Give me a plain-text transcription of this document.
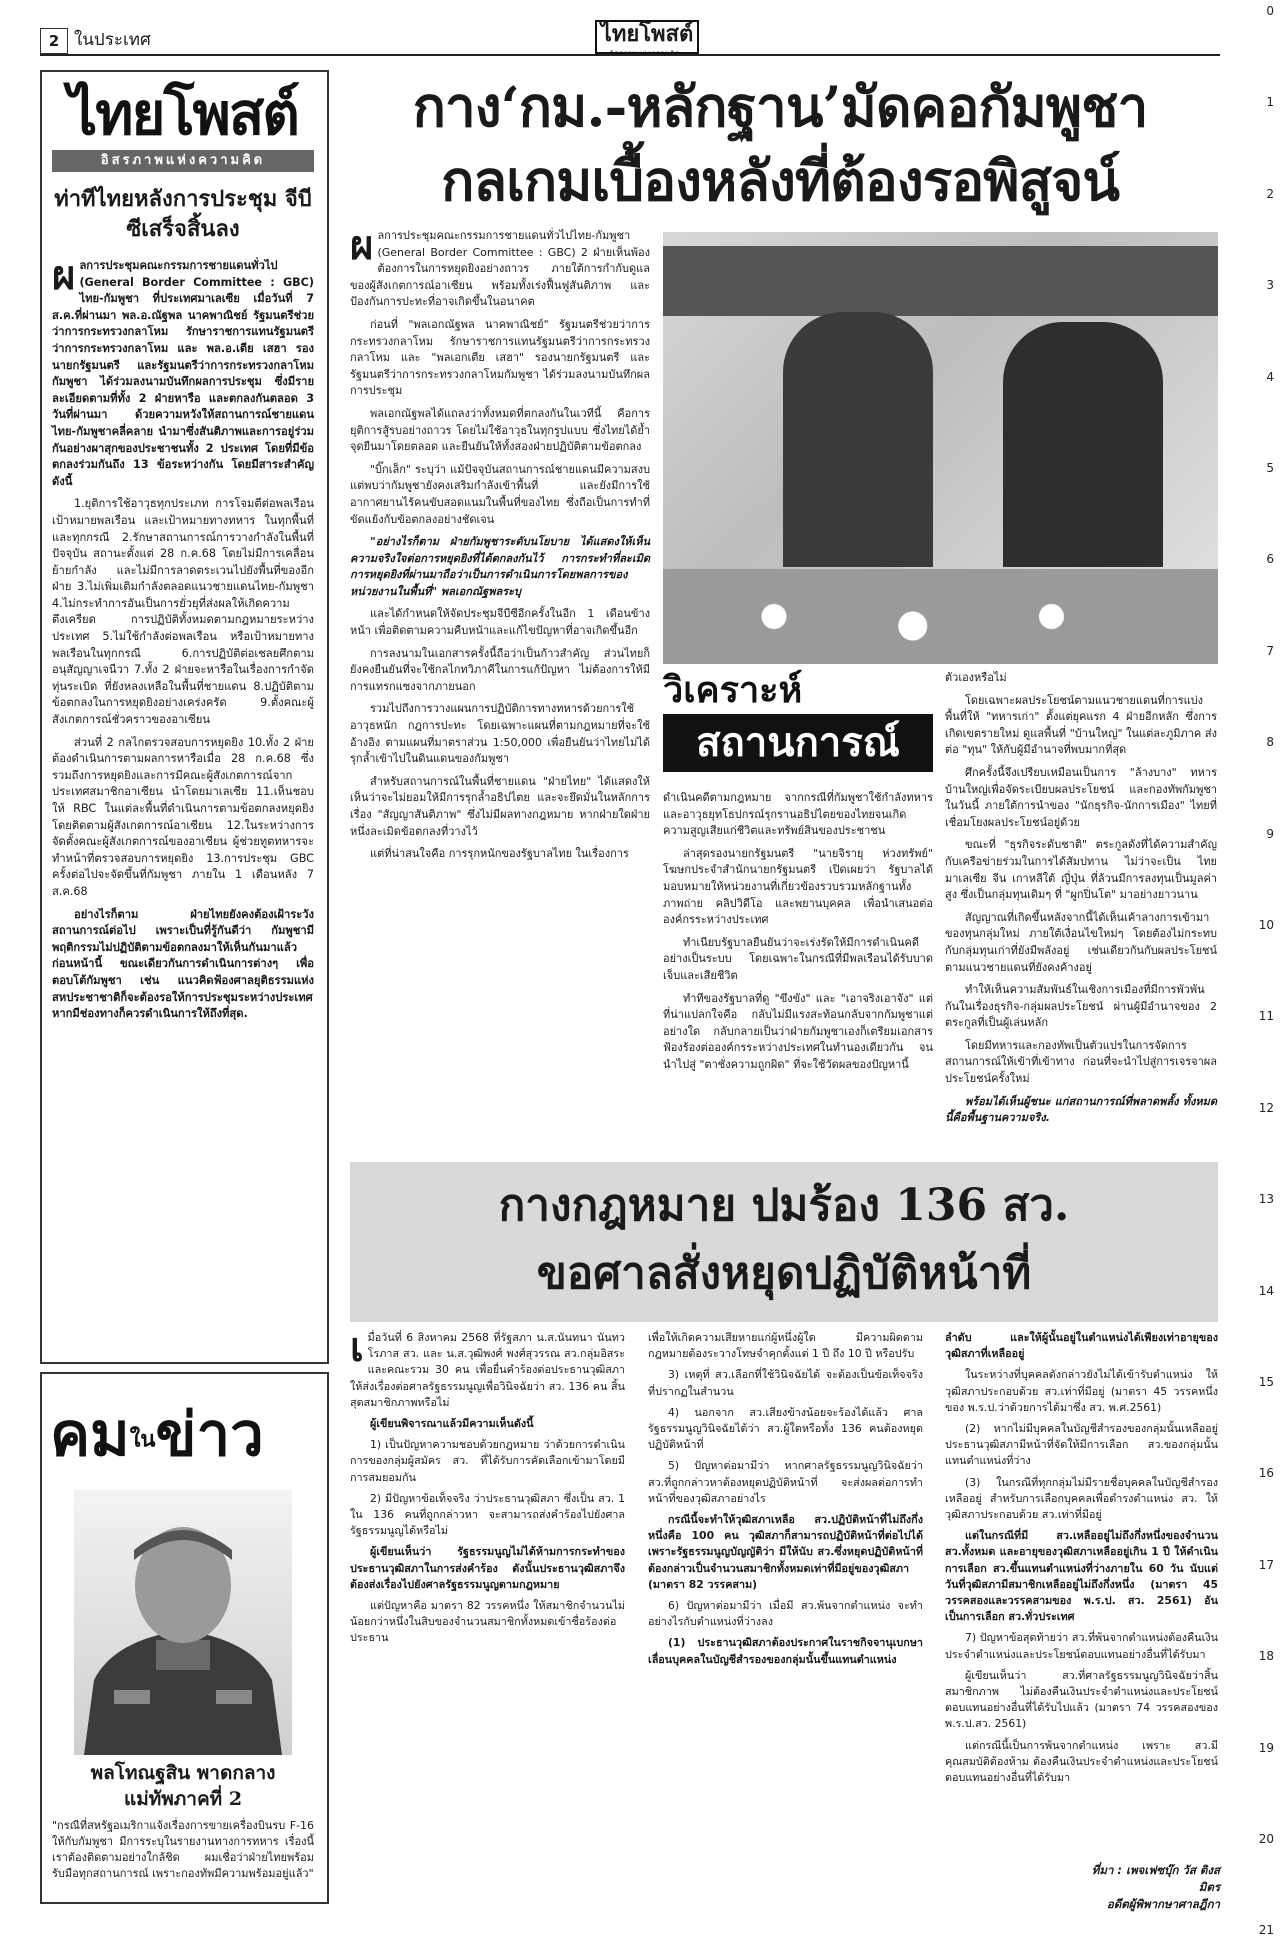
2 ในประเทศ	ไทยโพสต์
อิสรภาพแห่งความคิด
0
1
2
3
4
5
6
7
8
9
10
11
12
13
14
15
16
17
18
19
20
21
ไทยโพสต์
อิสรภาพแห่งความคิด
ท่าทีไทยหลังการประชุม จีบีซีเสร็จสิ้นลง

ผลการประชุมคณะกรรมการชายแดนทั่วไป (General Border Committee : GBC) ไทย-กัมพูชา ที่ประเทศมาเลเซีย เมื่อวันที่ 7 ส.ค.ที่ผ่านมา พล.อ.ณัฐพล นาคพาณิชย์ รัฐมนตรีช่วยว่าการกระทรวงกลาโหม รักษาราชการแทนรัฐมนตรีว่าการกระทรวงกลาโหม และ พล.อ.เตีย เสฮา รองนายกรัฐมนตรี และรัฐมนตรีว่าการกระทรวงกลาโหมกัมพูชา ได้ร่วมลงนามบันทึกผลการประชุม ซึ่งมีรายละเอียดตามที่ทั้ง 2 ฝ่ายหารือ และตกลงกันตลอด 3 วันที่ผ่านมา ด้วยความหวังให้สถานการณ์ชายแดนไทย-กัมพูชาคลี่คลาย นำมาซึ่งสันติภาพและการอยู่ร่วมกันอย่างผาสุกของประชาชนทั้ง 2 ประเทศ โดยที่มีข้อตกลงร่วมกันถึง 13 ข้อระหว่างกัน โดยมีสาระสำคัญดังนี้

1.ยุติการใช้อาวุธทุกประเภท การโจมตีต่อพลเรือน เป้าหมายพลเรือน และเป้าหมายทางทหาร ในทุกพื้นที่และทุกกรณี 2.รักษาสถานการณ์การวางกำลังในพื้นที่ปัจจุบัน สถานะตั้งแต่ 28 ก.ค.68 โดยไม่มีการเคลื่อนย้ายกำลัง และไม่มีการลาดตระเวนไปยังพื้นที่ของอีกฝ่าย 3.ไม่เพิ่มเติมกำลังตลอดแนวชายแดนไทย-กัมพูชา 4.ไม่กระทำการอันเป็นการยั่วยุที่ส่งผลให้เกิดความตึงเครียด การปฏิบัติทั้งหมดตามกฎหมายระหว่างประเทศ 5.ไม่ใช้กำลังต่อพลเรือน หรือเป้าหมายทางพลเรือนในทุกกรณี 6.การปฏิบัติต่อเชลยศึกตามอนุสัญญาเจนีวา 7.ทั้ง 2 ฝ่ายจะหารือในเรื่องการกำจัดทุ่นระเบิด ที่ยังหลงเหลือในพื้นที่ชายแดน 8.ปฏิบัติตามข้อตกลงในการหยุดยิงอย่างเคร่งครัด 9.ตั้งคณะผู้สังเกตการณ์ชั่วคราวของอาเซียน

ส่วนที่ 2 กลไกตรวจสอบการหยุดยิง 10.ทั้ง 2 ฝ่ายต้องดำเนินการตามผลการหารือเมื่อ 28 ก.ค.68 ซึ่งรวมถึงการหยุดยิงและการมีคณะผู้สังเกตการณ์จากประเทศสมาชิกอาเซียน นำโดยมาเลเซีย 11.เห็นชอบให้ RBC ในแต่ละพื้นที่ดำเนินการตามข้อตกลงหยุดยิง โดยติดตามผู้สังเกตการณ์อาเซียน 12.ในระหว่างการจัดตั้งคณะผู้สังเกตการณ์ของอาเซียน ผู้ช่วยทูตทหารจะทำหน้าที่ตรวจสอบการหยุดยิง 13.การประชุม GBC ครั้งต่อไปจะจัดขึ้นที่กัมพูชา ภายใน 1 เดือนหลัง 7 ส.ค.68

อย่างไรก็ตาม ฝ่ายไทยยังคงต้องเฝ้าระวังสถานการณ์ต่อไป เพราะเป็นที่รู้กันดีว่า กัมพูชามีพฤติกรรมไม่ปฏิบัติตามข้อตกลงมาให้เห็นกันมาแล้วก่อนหน้านี้ ขณะเดียวกันการดำเนินการต่างๆ เพื่อตอบโต้กัมพูชา เช่น แนวคิดฟ้องศาลยุติธรรมแห่งสหประชาชาติก็จะต้องรอให้การประชุมระหว่างประเทศ หากมีช่องทางก็ควรดำเนินการให้ถึงที่สุด.

คมในข่าว
พลโทณฐสิน พาดกลาง
แม่ทัพภาคที่ 2
"กรณีที่สหรัฐอเมริกาแจ้งเรื่องการขายเครื่องบินรบ F-16 ให้กับกัมพูชา มีการระบุในรายงานทางการทหาร เรื่องนี้เราต้องติดตามอย่างใกล้ชิด ผมเชื่อว่าฝ่ายไทยพร้อมรับมือทุกสถานการณ์ เพราะกองทัพมีความพร้อมอยู่แล้ว"
กาง‘กม.-หลักฐาน’มัดคอกัมพูชา
กลเกมเบื้องหลังที่ต้องรอพิสูจน์

ผลการประชุมคณะกรรมการชายแดนทั่วไปไทย-กัมพูชา (General Border Committee : GBC) 2 ฝ่ายเห็นพ้องต้องการในการหยุดยิงอย่างถาวร ภายใต้การกำกับดูแลของผู้สังเกตการณ์อาเซียน พร้อมทั้งเร่งฟื้นฟูสันติภาพ และป้องกันการปะทะที่อาจเกิดขึ้นในอนาคต

ก่อนที่ "พลเอกณัฐพล นาคพาณิชย์" รัฐมนตรีช่วยว่าการกระทรวงกลาโหม รักษาราชการแทนรัฐมนตรีว่าการกระทรวงกลาโหม และ "พลเอกเตีย เสฮา" รองนายกรัฐมนตรี และรัฐมนตรีว่าการกระทรวงกลาโหมกัมพูชา ได้ร่วมลงนามบันทึกผลการประชุม

พลเอกณัฐพลได้แถลงว่าทั้งหมดที่ตกลงกันในเวทีนี้ คือการยุติการสู้รบอย่างถาวร โดยไม่ใช้อาวุธในทุกรูปแบบ ซึ่งไทยได้ย้ำจุดยืนมาโดยตลอด และยืนยันให้ทั้งสองฝ่ายปฏิบัติตามข้อตกลง

"บิ๊กเล็ก" ระบุว่า แม้ปัจจุบันสถานการณ์ชายแดนมีความสงบ แต่พบว่ากัมพูชายังคงเสริมกำลังเข้าพื้นที่ และยังมีการใช้อากาศยานไร้คนขับสอดแนมในพื้นที่ของไทย ซึ่งถือเป็นการทำที่ขัดแย้งกับข้อตกลงอย่างชัดเจน

"อย่างไรก็ตาม ฝ่ายกัมพูชาระดับนโยบาย ได้แสดงให้เห็นความจริงใจต่อการหยุดยิงที่ได้ตกลงกันไว้ การกระทำที่ละเมิดการหยุดยิงที่ผ่านมาถือว่าเป็นการดำเนินการโดยพลการของหน่วยงานในพื้นที่" พลเอกณัฐพลระบุ

และได้กำหนดให้จัดประชุมจีบีซีอีกครั้งในอีก 1 เดือนข้างหน้า เพื่อติดตามความคืบหน้าและแก้ไขปัญหาที่อาจเกิดขึ้นอีก

การลงนามในเอกสารครั้งนี้ถือว่าเป็นก้าวสำคัญ ส่วนไทยก็ยังคงยืนยันที่จะใช้กลไกทวิภาคีในการแก้ปัญหา ไม่ต้องการให้มีการแทรกแซงจากภายนอก

รวมไปถึงการวางแผนการปฏิบัติการทางทหารด้วยการใช้อาวุธหนัก กฎการปะทะ โดยเฉพาะแผนที่ตามกฎหมายที่จะใช้อ้างอิง ตามแผนที่มาตราส่วน 1:50,000 เพื่อยืนยันว่าไทยไม่ได้รุกล้ำเข้าไปในดินแดนของกัมพูชา

สำหรับสถานการณ์ในพื้นที่ชายแดน "ฝ่ายไทย" ได้แสดงให้เห็นว่าจะไม่ยอมให้มีการรุกล้ำอธิปไตย และจะยึดมั่นในหลักการเรื่อง "สัญญาสันติภาพ" ซึ่งไม่มีผลทางกฎหมาย หากฝ่ายใดฝ่ายหนึ่งละเมิดข้อตกลงที่วางไว้

แต่ที่น่าสนใจคือ การรุกหนักของรัฐบาลไทย ในเรื่องการ

วิเคราะห์
สถานการณ์

ดำเนินคดีตามกฎหมาย จากกรณีที่กัมพูชาใช้กำลังทหารและอาวุธยุทโธปกรณ์รุกรานอธิปไตยของไทยจนเกิดความสูญเสียแก่ชีวิตและทรัพย์สินของประชาชน

ล่าสุดรองนายกรัฐมนตรี "นายจิรายุ ห่วงทรัพย์" โฆษกประจำสำนักนายกรัฐมนตรี เปิดเผยว่า รัฐบาลได้มอบหมายให้หน่วยงานที่เกี่ยวข้องรวบรวมหลักฐานทั้งภาพถ่าย คลิปวิดีโอ และพยานบุคคล เพื่อนำเสนอต่อองค์กรระหว่างประเทศ

ทำเนียบรัฐบาลยืนยันว่าจะเร่งรัดให้มีการดำเนินคดีอย่างเป็นระบบ โดยเฉพาะในกรณีที่มีพลเรือนได้รับบาดเจ็บและเสียชีวิต

ทำทีของรัฐบาลที่ดู "ขึงขัง" และ "เอาจริงเอาจัง" แต่ที่น่าแปลกใจคือ กลับไม่มีแรงสะท้อนกลับจากกัมพูชาแต่อย่างใด กลับกลายเป็นว่าฝ่ายกัมพูชาเองก็เตรียมเอกสารฟ้องร้องต่อองค์กรระหว่างประเทศในทำนองเดียวกัน จนนำไปสู่ "ตาชั่งความถูกผิด" ที่จะใช้วัดผลของปัญหานี้

ตัวเองหรือไม่

โดยเฉพาะผลประโยชน์ตามแนวชายแดนที่การแบ่งพื้นที่ให้ "ทหารเก่า" ตั้งแต่ยุคแรก 4 ฝ่ายอีกหลัก ซึ่งการเกิดเขตรายใหม่ ดูแลพื้นที่ "บ้านใหญ่" ในแต่ละภูมิภาค ส่งต่อ "ทุน" ให้กับผู้มีอำนาจที่พบมากที่สุด

ศึกครั้งนี้จึงเปรียบเหมือนเป็นการ "ล้างบาง" ทหารบ้านใหญ่เพื่อจัดระเบียบผลประโยชน์ และกองทัพกัมพูชาในวันนี้ ภายใต้การนำของ "นักธุรกิจ-นักการเมือง" ไทยที่เชื่อมโยงผลประโยชน์อยู่ด้วย

ขณะที่ "ธุรกิจระดับชาติ" ตระกูลดังที่ได้ความสำคัญกับเครือข่ายร่วมในการได้สัมปทาน ไม่ว่าจะเป็น ไทย มาเลเซีย จีน เกาหลีใต้ ญี่ปุ่น ที่ล้วนมีการลงทุนเป็นมูลค่าสูง ซึ่งเป็นกลุ่มทุนเดิมๆ ที่ "ผูกปิ่นโต" มาอย่างยาวนาน

สัญญาณที่เกิดขึ้นหลังจากนี้ได้เห็นเค้าลางการเข้ามาของทุนกลุ่มใหม่ ภายใต้เงื่อนไขใหม่ๆ โดยต้องไม่กระทบกับกลุ่มทุนเก่าที่ยังมีพลังอยู่ เช่นเดียวกันกับผลประโยชน์ตามแนวชายแดนที่ยังคงค้างอยู่

ทำให้เห็นความสัมพันธ์ในเชิงการเมืองที่มีการพัวพันกันในเรื่องธุรกิจ-กลุ่มผลประโยชน์ ผ่านผู้มีอำนาจของ 2 ตระกูลที่เป็นผู้เล่นหลัก

โดยมีทหารและกองทัพเป็นตัวแปรในการจัดการสถานการณ์ให้เข้าที่เข้าทาง ก่อนที่จะนำไปสู่การเจรจาผลประโยชน์ครั้งใหม่

พร้อมได้เห็นผู้ชนะ แก่สถานการณ์ที่พลาดพลั้ง ทั้งหมดนี้คือพื้นฐานความจริง.

กางกฎหมาย ปมร้อง 136 สว.
ขอศาลสั่งหยุดปฏิบัติหน้าที่

เมื่อวันที่ 6 สิงหาคม 2568 ที่รัฐสภา น.ส.นันทนา นันทวโรภาส สว. และ น.ส.วุฒิพงศ์ พงศ์สุวรรณ สว.กลุ่มอิสระ และคณะรวม 30 คน เพื่อยื่นคำร้องต่อประธานวุฒิสภา ให้ส่งเรื่องต่อศาลรัฐธรรมนูญเพื่อวินิจฉัยว่า สว. 136 คน สิ้นสุดสมาชิกภาพหรือไม่

ผู้เขียนพิจารณาแล้วมีความเห็นดังนี้

1) เป็นปัญหาความชอบด้วยกฎหมาย ว่าด้วยการดำเนินการของกลุ่มผู้สมัคร สว. ที่ได้รับการคัดเลือกเข้ามาโดยมีการสมยอมกัน

2) มีปัญหาข้อเท็จจริง ว่าประธานวุฒิสภา ซึ่งเป็น สว. 1 ใน 136 คนที่ถูกกล่าวหา จะสามารถส่งคำร้องไปยังศาลรัฐธรรมนูญได้หรือไม่

ผู้เขียนเห็นว่า รัฐธรรมนูญไม่ได้ห้ามการกระทำของประธานวุฒิสภาในการส่งคำร้อง ดังนั้นประธานวุฒิสภาจึงต้องส่งเรื่องไปยังศาลรัฐธรรมนูญตามกฎหมาย

แต่ปัญหาคือ มาตรา 82 วรรคหนึ่ง ให้สมาชิกจำนวนไม่น้อยกว่าหนึ่งในสิบของจำนวนสมาชิกทั้งหมดเข้าชื่อร้องต่อประธาน

เพื่อให้เกิดความเสียหายแก่ผู้หนึ่งผู้ใด มีความผิดตามกฎหมายต้องระวางโทษจำคุกตั้งแต่ 1 ปี ถึง 10 ปี หรือปรับ

3) เหตุที่ สว.เลือกที่ใช้วินิจฉัยได้ จะต้องเป็นข้อเท็จจริงที่ปรากฏในสำนวน

4) นอกจาก สว.เสียงข้างน้อยจะร้องได้แล้ว ศาลรัฐธรรมนูญวินิจฉัยได้ว่า สว.ผู้ใดหรือทั้ง 136 คนต้องหยุดปฏิบัติหน้าที่

5) ปัญหาต่อมามีว่า หากศาลรัฐธรรมนูญวินิจฉัยว่า สว.ที่ถูกกล่าวหาต้องหยุดปฏิบัติหน้าที่ จะส่งผลต่อการทำหน้าที่ของวุฒิสภาอย่างไร

กรณีนี้จะทำให้วุฒิสภาเหลือ สว.ปฏิบัติหน้าที่ไม่ถึงกึ่งหนึ่งคือ 100 คน วุฒิสภาก็สามารถปฏิบัติหน้าที่ต่อไปได้ เพราะรัฐธรรมนูญบัญญัติว่า มีให้นับ สว.ซึ่งหยุดปฏิบัติหน้าที่ต้องกล่าวเป็นจำนวนสมาชิกทั้งหมดเท่าที่มีอยู่ของวุฒิสภา (มาตรา 82 วรรคสาม)

6) ปัญหาต่อมามีว่า เมื่อมี สว.พ้นจากตำแหน่ง จะทำอย่างไรกับตำแหน่งที่ว่างลง

(1) ประธานวุฒิสภาต้องประกาศในราชกิจจานุเบกษาเลื่อนบุคคลในบัญชีสำรองของกลุ่มนั้นขึ้นแทนตำแหน่ง

ลำดับ และให้ผู้นั้นอยู่ในตำแหน่งได้เพียงเท่าอายุของวุฒิสภาที่เหลืออยู่

ในระหว่างที่บุคคลดังกล่าวยังไม่ได้เข้ารับตำแหน่ง ให้วุฒิสภาประกอบด้วย สว.เท่าที่มีอยู่ (มาตรา 45 วรรคหนึ่งของ พ.ร.ป.ว่าด้วยการได้มาซึ่ง สว. พ.ศ.2561)

(2) หากไม่มีบุคคลในบัญชีสำรองของกลุ่มนั้นเหลืออยู่ ประธานวุฒิสภามีหน้าที่จัดให้มีการเลือก สว.ของกลุ่มนั้นแทนตำแหน่งที่ว่าง

(3) ในกรณีที่ทุกกลุ่มไม่มีรายชื่อบุคคลในบัญชีสำรองเหลืออยู่ สำหรับการเลือกบุคคลเพื่อดำรงตำแหน่ง สว. ให้วุฒิสภาประกอบด้วย สว.เท่าที่มีอยู่

แต่ในกรณีที่มี สว.เหลืออยู่ไม่ถึงกึ่งหนึ่งของจำนวน สว.ทั้งหมด และอายุของวุฒิสภาเหลืออยู่เกิน 1 ปี ให้ดำเนินการเลือก สว.ขึ้นแทนตำแหน่งที่ว่างภายใน 60 วัน นับแต่วันที่วุฒิสภามีสมาชิกเหลืออยู่ไม่ถึงกึ่งหนึ่ง (มาตรา 45 วรรคสองและวรรคสามของ พ.ร.ป. สว. 2561) อันเป็นการเลือก สว.ทั่วประเทศ

7) ปัญหาข้อสุดท้ายว่า สว.ที่พ้นจากตำแหน่งต้องคืนเงินประจำตำแหน่งและประโยชน์ตอบแทนอย่างอื่นที่ได้รับมา

ผู้เขียนเห็นว่า สว.ที่ศาลรัฐธรรมนูญวินิจฉัยว่าสิ้นสมาชิกภาพ ไม่ต้องคืนเงินประจำตำแหน่งและประโยชน์ตอบแทนอย่างอื่นที่ได้รับไปแล้ว (มาตรา 74 วรรคสองของ พ.ร.ป.สว. 2561)

แต่กรณีนี้เป็นการพ้นจากตำแหน่ง เพราะ สว.มีคุณสมบัติต้องห้าม ต้องคืนเงินประจำตำแหน่งและประโยชน์ตอบแทนอย่างอื่นที่ได้รับมา

ที่มา : เพจเฟซบุ๊ก วัส ติงสมิตร
อดีตผู้พิพากษาศาลฎีกา
